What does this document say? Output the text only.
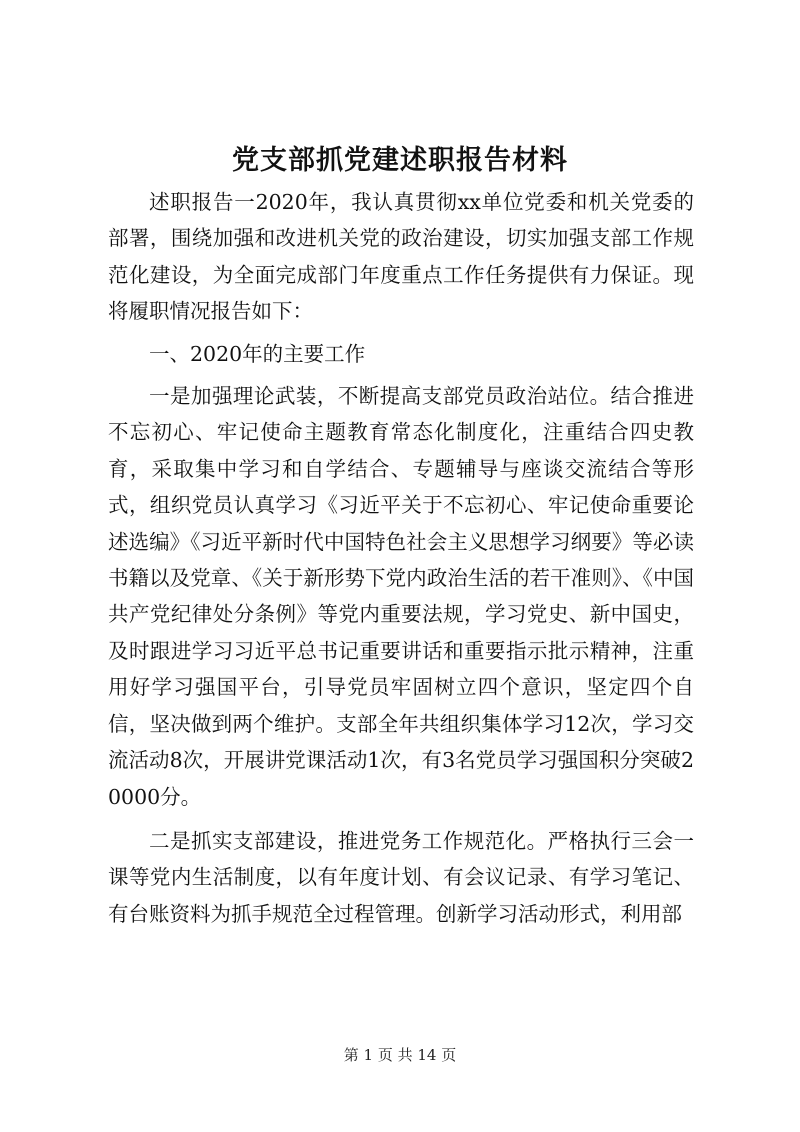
党支部抓党建述职报告材料

述职报告一2020年，我认真贯彻xx单位党委和机关党委的部署，围绕加强和改进机关党的政治建设，切实加强支部工作规范化建设，为全面完成部门年度重点工作任务提供有力保证。现将履职情况报告如下：

一、2020年的主要工作

一是加强理论武装，不断提高支部党员政治站位。结合推进不忘初心、牢记使命主题教育常态化制度化，注重结合四史教育，采取集中学习和自学结合、专题辅导与座谈交流结合等形式，组织党员认真学习《习近平关于不忘初心、牢记使命重要论述选编》《习近平新时代中国特色社会主义思想学习纲要》等必读书籍以及党章、《关于新形势下党内政治生活的若干准则》、《中国共产党纪律处分条例》等党内重要法规，学习党史、新中国史，及时跟进学习习近平总书记重要讲话和重要指示批示精神，注重用好学习强国平台，引导党员牢固树立四个意识，坚定四个自信，坚决做到两个维护。支部全年共组织集体学习12次，学习交流活动8次，开展讲党课活动1次，有3名党员学习强国积分突破20000分。

二是抓实支部建设，推进党务工作规范化。严格执行三会一课等党内生活制度，以有年度计划、有会议记录、有学习笔记、有台账资料为抓手规范全过程管理。创新学习活动形式，利用部

第 1 页 共 14 页
